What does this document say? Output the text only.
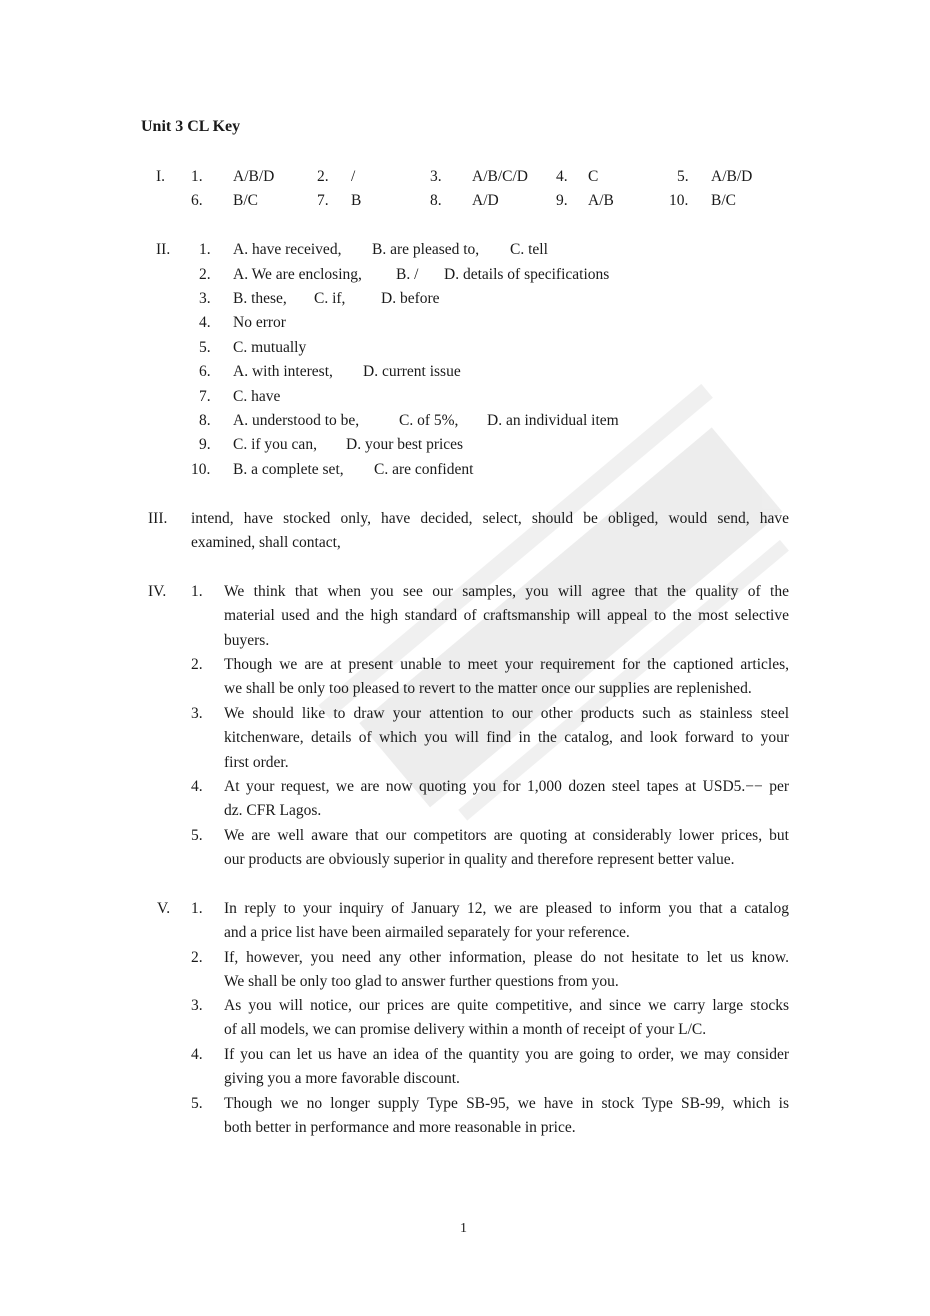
Unit 3 CL Key
I. 1. A/B/D	2. /	3. A/B/C/D 4. C	5. A/B/D
6. B/C	7. B	8. A/D	9. A/B	10. B/C
II. 1. A. have received, B. are pleased to, C. tell
2. A. We are enclosing, B. / D. details of specifications
3. B. these, C. if, D. before
4. No error
5. C. mutually
6. A. with interest, D. current issue
7. C. have
8. A. understood to be,	C. of 5%, D. an individual item
9. C. if you can, D. your best prices
10. B. a complete set, C. are confident
III. intend, have stocked only, have decided, select, should be obliged, would send, have
examined, shall contact,
IV. 1. We think that when you see our samples, you will agree that the quality of the
material used and the high standard of craftsmanship will appeal to the most selective
buyers.
2. Though we are at present unable to meet your requirement for the captioned articles,
we shall be only too pleased to revert to the matter once our supplies are replenished.
3. We should like to draw your attention to our other products such as stainless steel
kitchenware, details of which you will find in the catalog, and look forward to your
first order.
4. At your request, we are now quoting you for 1,000 dozen steel tapes at USD5.−− per
dz. CFR Lagos.
5. We are well aware that our competitors are quoting at considerably lower prices, but
our products are obviously superior in quality and therefore represent better value.
V. 1. In reply to your inquiry of January 12, we are pleased to inform you that a catalog
and a price list have been airmailed separately for your reference.
2. If, however, you need any other information, please do not hesitate to let us know.
We shall be only too glad to answer further questions from you.
3. As you will notice, our prices are quite competitive, and since we carry large stocks
of all models, we can promise delivery within a month of receipt of your L/C.
4. If you can let us have an idea of the quantity you are going to order, we may consider
giving you a more favorable discount.
5. Though we no longer supply Type SB-95, we have in stock Type SB-99, which is
both better in performance and more reasonable in price.
1
